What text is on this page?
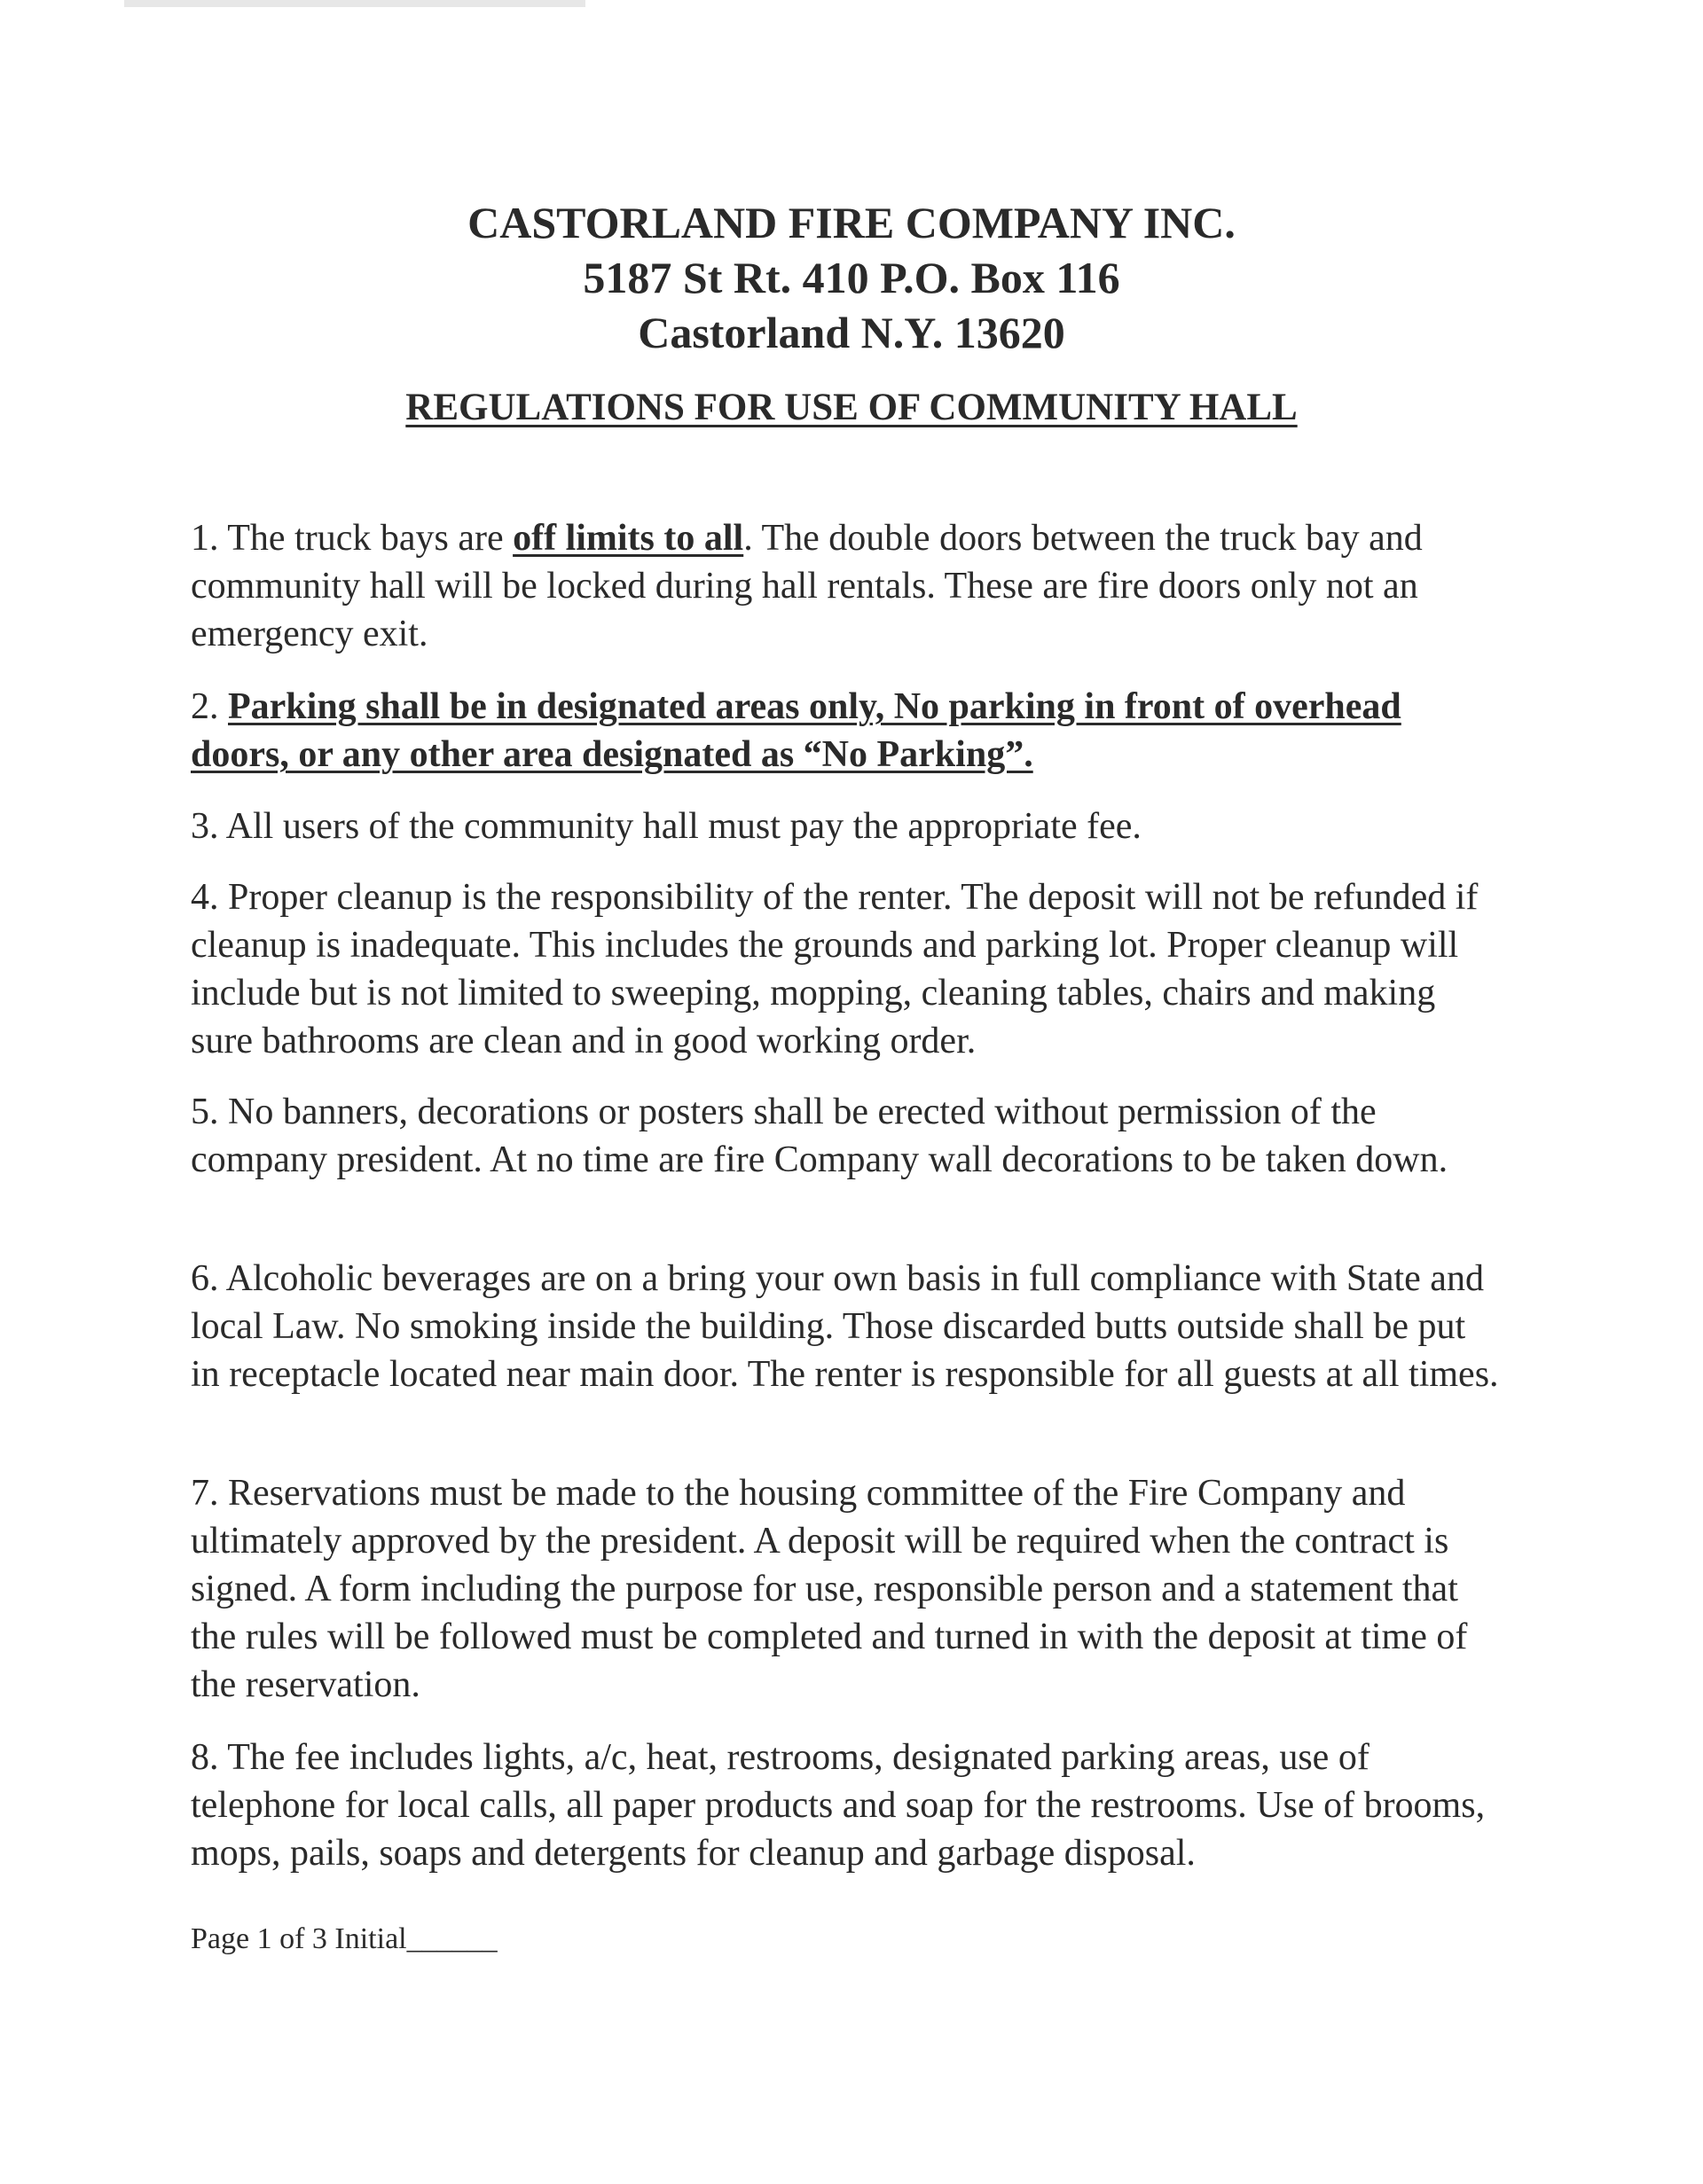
CASTORLAND FIRE COMPANY INC.

5187 St Rt. 410 P.O. Box 116

Castorland N.Y. 13620

REGULATIONS FOR USE OF COMMUNITY HALL

1. The truck bays are off limits to all. The double doors between the truck bay and community hall will be locked during hall rentals. These are fire doors only not an emergency exit.

2. Parking shall be in designated areas only, No parking in front of overhead doors, or any other area designated as “No Parking”.

3. All users of the community hall must pay the appropriate fee.

4. Proper cleanup is the responsibility of the renter. The deposit will not be refunded if cleanup is inadequate. This includes the grounds and parking lot. Proper cleanup will include but is not limited to sweeping, mopping, cleaning tables, chairs and making sure bathrooms are clean and in good working order.

5. No banners, decorations or posters shall be erected without permission of the company president. At no time are fire Company wall decorations to be taken down.

6. Alcoholic beverages are on a bring your own basis in full compliance with State and local Law. No smoking inside the building. Those discarded butts outside shall be put in receptacle located near main door. The renter is responsible for all guests at all times.

7. Reservations must be made to the housing committee of the Fire Company and ultimately approved by the president. A deposit will be required when the contract is signed. A form including the purpose for use, responsible person and a statement that the rules will be followed must be completed and turned in with the deposit at time of the reservation.

8. The fee includes lights, a/c, heat, restrooms, designated parking areas, use of telephone for local calls, all paper products and soap for the restrooms. Use of brooms, mops, pails, soaps and detergents for cleanup and garbage disposal.

Page 1 of 3 Initial______
